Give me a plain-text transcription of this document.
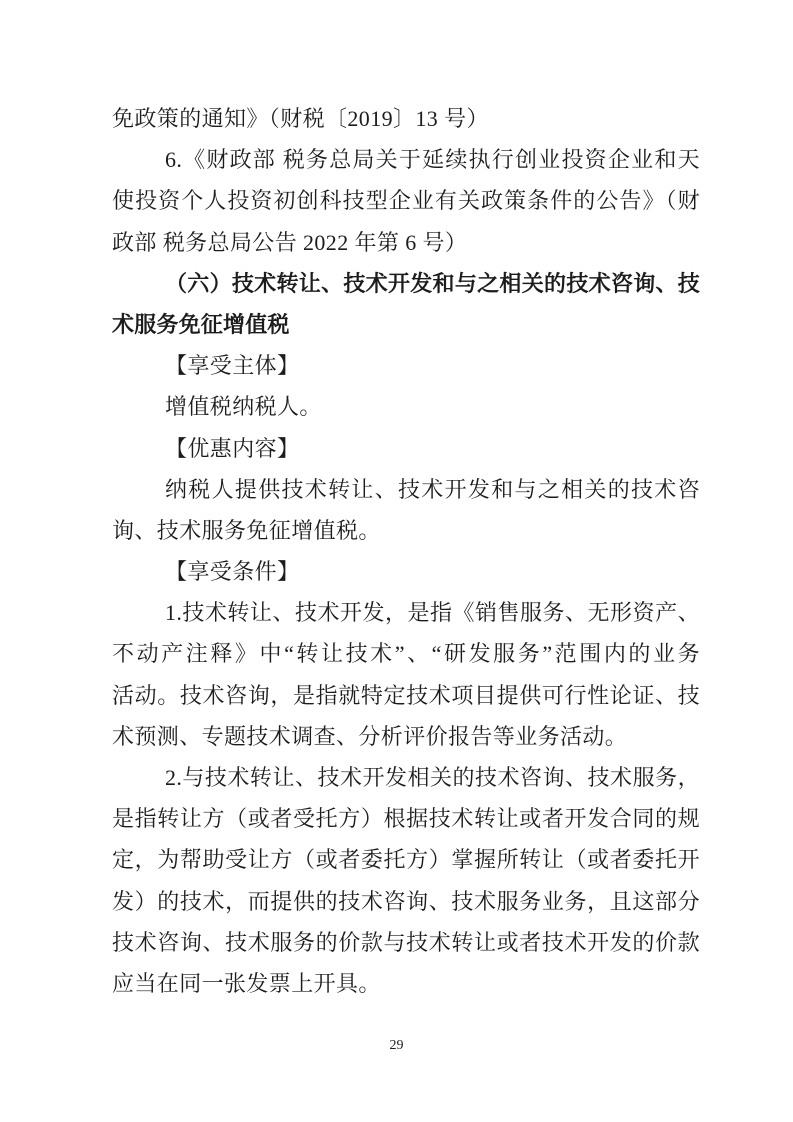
免政策的通知》（财税〔2019〕13 号）
6.《财政部 税务总局关于延续执行创业投资企业和天
使投资个人投资初创科技型企业有关政策条件的公告》（财
政部 税务总局公告 2022 年第 6 号）
（六）技术转让、技术开发和与之相关的技术咨询、技
术服务免征增值税
【享受主体】
增值税纳税人。
【优惠内容】
纳税人提供技术转让、技术开发和与之相关的技术咨
询、技术服务免征增值税。
【享受条件】
1.技术转让、技术开发，是指《销售服务、无形资产、
不动产注释》中“转让技术”、“研发服务”范围内的业务
活动。技术咨询，是指就特定技术项目提供可行性论证、技
术预测、专题技术调查、分析评价报告等业务活动。
2.与技术转让、技术开发相关的技术咨询、技术服务，
是指转让方（或者受托方）根据技术转让或者开发合同的规
定，为帮助受让方（或者委托方）掌握所转让（或者委托开
发）的技术，而提供的技术咨询、技术服务业务，且这部分
技术咨询、技术服务的价款与技术转让或者技术开发的价款
应当在同一张发票上开具。
29
